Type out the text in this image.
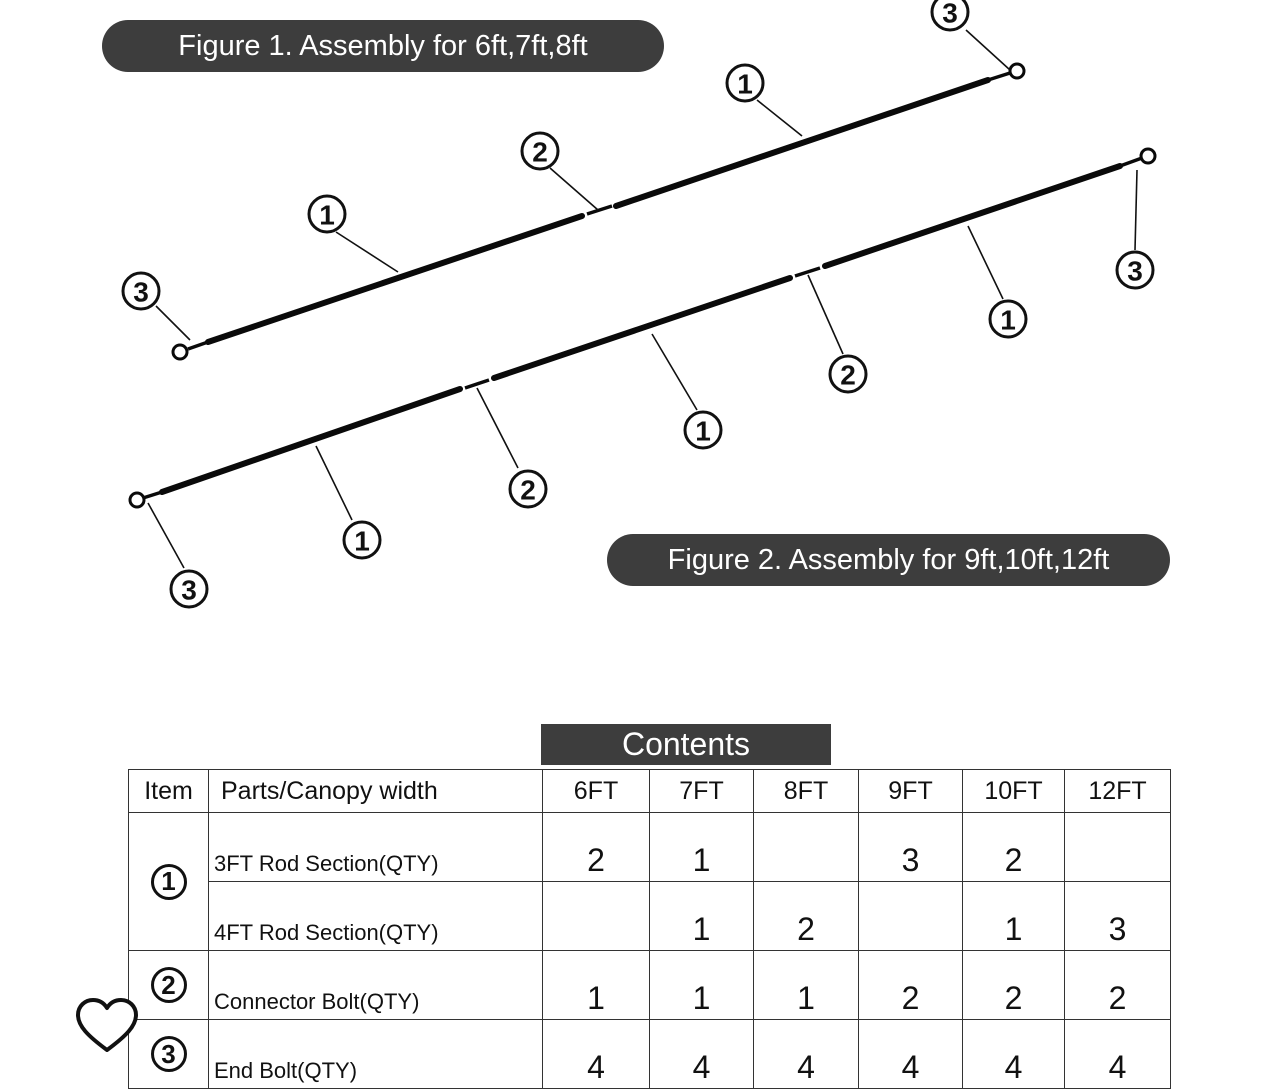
Figure 1. Assembly for 6ft,7ft,8ft
Figure 2. Assembly for 9ft,10ft,12ft
3
1
2
1
3
3
1
2
1
2
1
3
Contents
Item	Parts/Canopy width	6FT	7FT	8FT	9FT	10FT	12FT
1	3FT Rod Section(QTY)	2	1		3	2	
	4FT Rod Section(QTY)		1	2		1	3
2	Connector Bolt(QTY)	1	1	1	2	2	2
3	End Bolt(QTY)	4	4	4	4	4	4
